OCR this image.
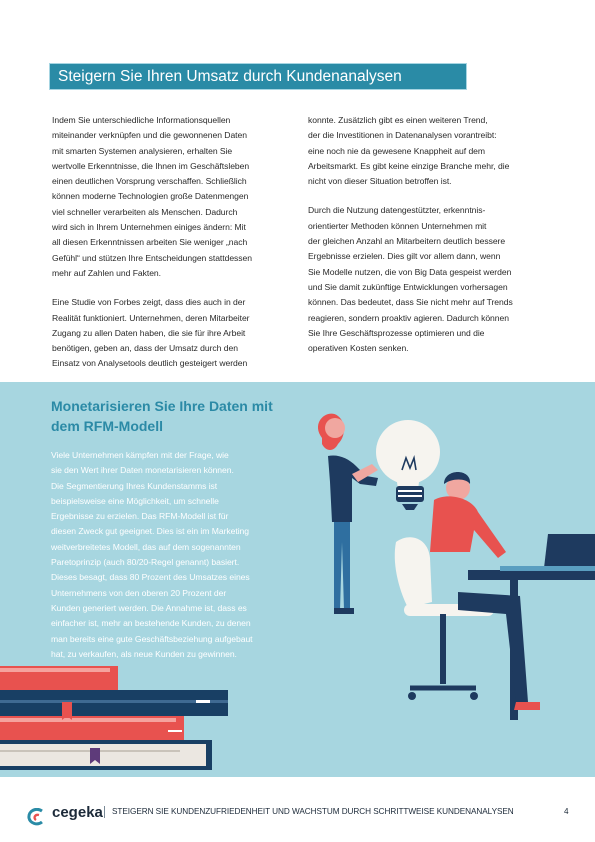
Steigern Sie Ihren Umsatz durch Kundenanalysen

Indem Sie unterschiedliche Informationsquellen
miteinander verknüpfen und die gewonnenen Daten
mit smarten Systemen analysieren, erhalten Sie
wertvolle Erkenntnisse, die Ihnen im Geschäftsleben
einen deutlichen Vorsprung verschaffen. Schließlich
können moderne Technologien große Datenmengen
viel schneller verarbeiten als Menschen. Dadurch
wird sich in Ihrem Unternehmen einiges ändern: Mit
all diesen Erkenntnissen arbeiten Sie weniger „nach
Gefühl“ und stützen Ihre Entscheidungen stattdessen
mehr auf Zahlen und Fakten.

Eine Studie von Forbes zeigt, dass dies auch in der
Realität funktioniert. Unternehmen, deren Mitarbeiter
Zugang zu allen Daten haben, die sie für ihre Arbeit
benötigen, geben an, dass der Umsatz durch den
Einsatz von Analysetools deutlich gesteigert werden

konnte. Zusätzlich gibt es einen weiteren Trend,
der die Investitionen in Datenanalysen vorantreibt:
eine noch nie da gewesene Knappheit auf dem
Arbeitsmarkt. Es gibt keine einzige Branche mehr, die
nicht von dieser Situation betroffen ist.

Durch die Nutzung datengestützter, erkenntnis-
orientierter Methoden können Unternehmen mit
der gleichen Anzahl an Mitarbeitern deutlich bessere
Ergebnisse erzielen. Dies gilt vor allem dann, wenn
Sie Modelle nutzen, die von Big Data gespeist werden
und Sie damit zukünftige Entwicklungen vorhersagen
können. Das bedeutet, dass Sie nicht mehr auf Trends
reagieren, sondern proaktiv agieren. Dadurch können
Sie Ihre Geschäftsprozesse optimieren und die
operativen Kosten senken.

Monetarisieren Sie Ihre Daten mit
dem RFM-Modell
Viele Unternehmen kämpfen mit der Frage, wie
sie den Wert ihrer Daten monetarisieren können.
Die Segmentierung Ihres Kundenstamms ist
beispielsweise eine Möglichkeit, um schnelle
Ergebnisse zu erzielen. Das RFM-Modell ist für
diesen Zweck gut geeignet. Dies ist ein im Marketing
weitverbreitetes Modell, das auf dem sogenannten
Paretoprinzip (auch 80/20-Regel genannt) basiert.
Dieses besagt, dass 80 Prozent des Umsatzes eines
Unternehmens von den oberen 20 Prozent der
Kunden generiert werden. Die Annahme ist, dass es
einfacher ist, mehr an bestehende Kunden, zu denen
man bereits eine gute Geschäftsbeziehung aufgebaut
hat, zu verkaufen, als neue Kunden zu gewinnen.
cegeka STEIGERN SIE KUNDENZUFRIEDENHEIT UND WACHSTUM DURCH SCHRITTWEISE KUNDENANALYSEN	4
